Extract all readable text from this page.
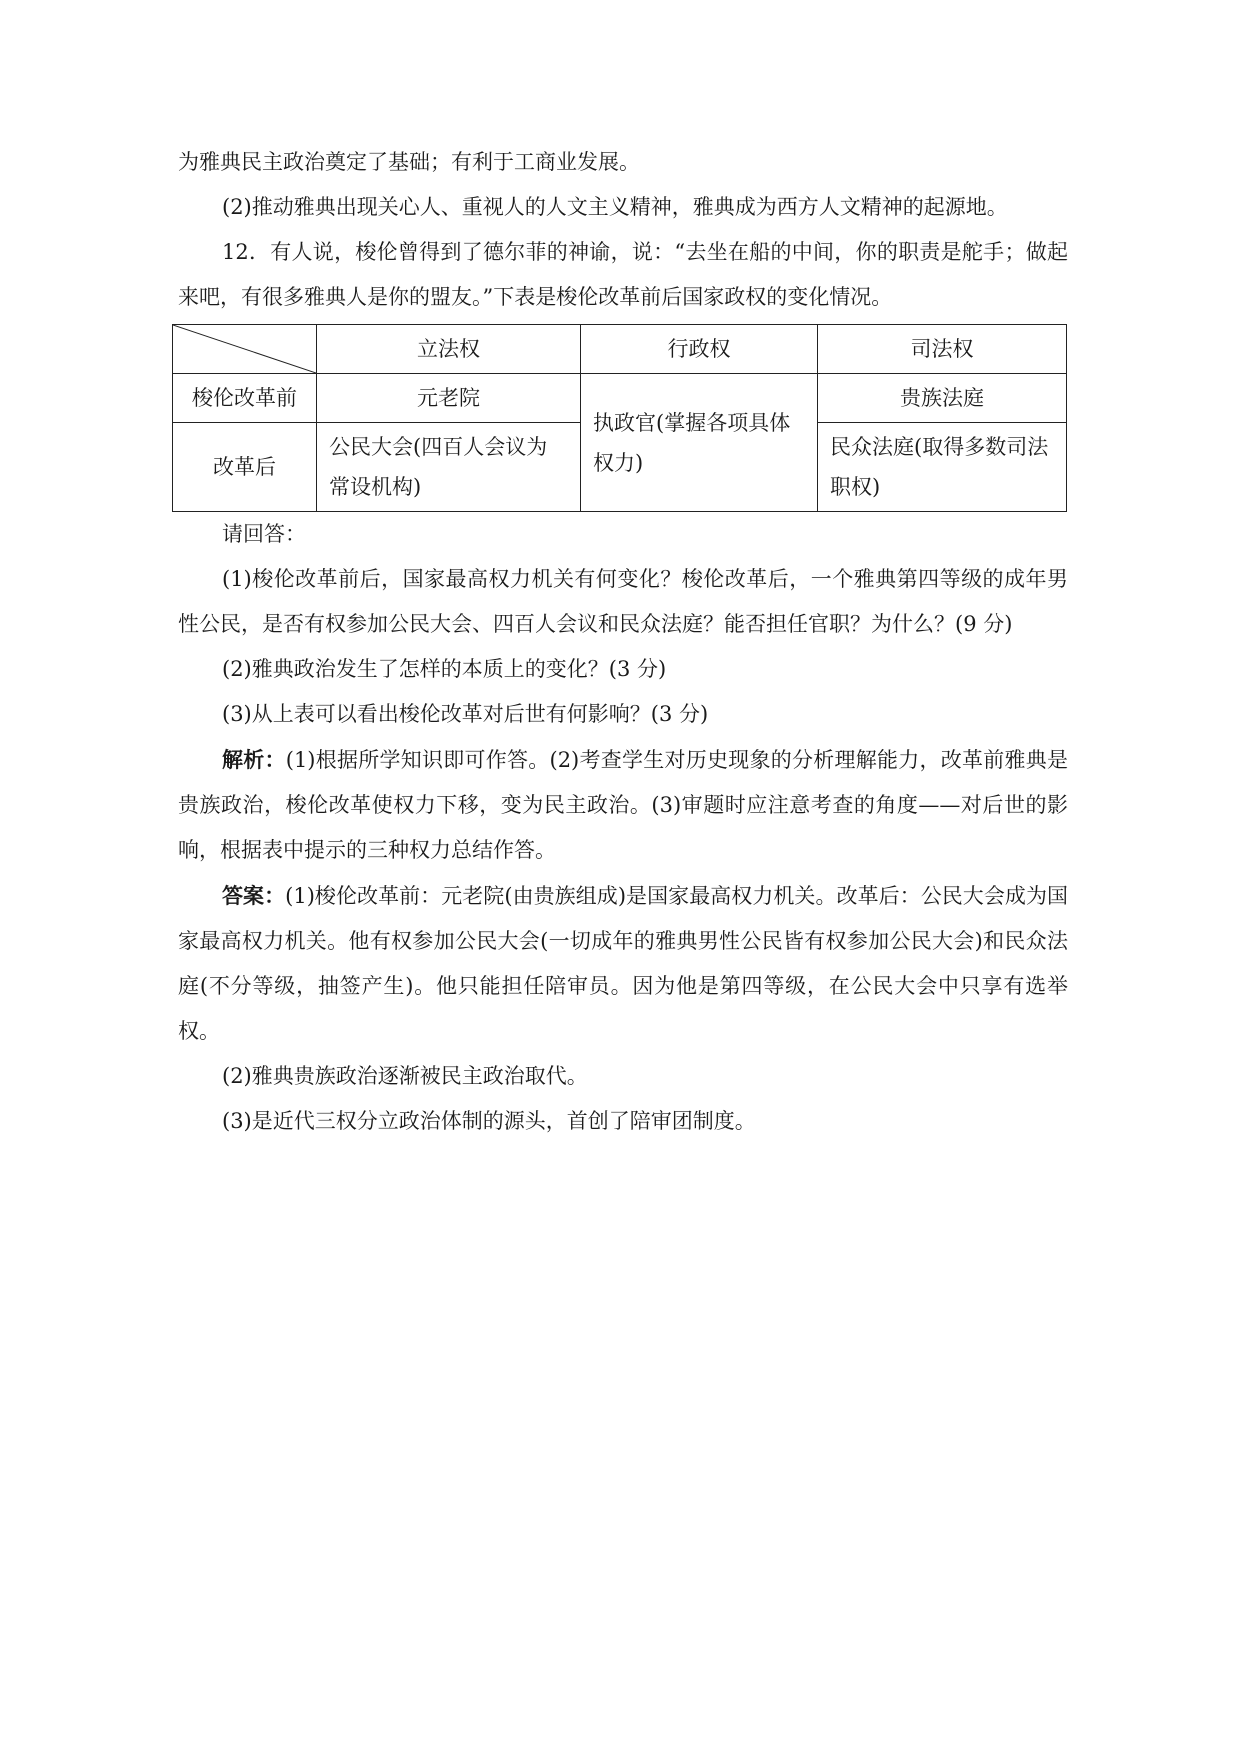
为雅典民主政治奠定了基础；有利于工商业发展。

(2)推动雅典出现关心人、重视人的人文主义精神，雅典成为西方人文精神的起源地。

12．有人说，梭伦曾得到了德尔菲的神谕，说：“去坐在船的中间，你的职责是舵手；做起来吧，有很多雅典人是你的盟友。”下表是梭伦改革前后国家政权的变化情况。

	立法权	行政权	司法权
梭伦改革前	元老院	执政官(掌握各项具体权力)	贵族法庭
改革后	公民大会(四百人会议为常设机构)		民众法庭(取得多数司法职权)

请回答：

(1)梭伦改革前后，国家最高权力机关有何变化？梭伦改革后，一个雅典第四等级的成年男性公民，是否有权参加公民大会、四百人会议和民众法庭？能否担任官职？为什么？(9 分)

(2)雅典政治发生了怎样的本质上的变化？(3 分)

(3)从上表可以看出梭伦改革对后世有何影响？(3 分)

解析：(1)根据所学知识即可作答。(2)考查学生对历史现象的分析理解能力，改革前雅典是贵族政治，梭伦改革使权力下移，变为民主政治。(3)审题时应注意考查的角度——对后世的影响，根据表中提示的三种权力总结作答。

答案：(1)梭伦改革前：元老院(由贵族组成)是国家最高权力机关。改革后：公民大会成为国家最高权力机关。他有权参加公民大会(一切成年的雅典男性公民皆有权参加公民大会)和民众法庭(不分等级，抽签产生)。他只能担任陪审员。因为他是第四等级，在公民大会中只享有选举权。

(2)雅典贵族政治逐渐被民主政治取代。

(3)是近代三权分立政治体制的源头，首创了陪审团制度。
